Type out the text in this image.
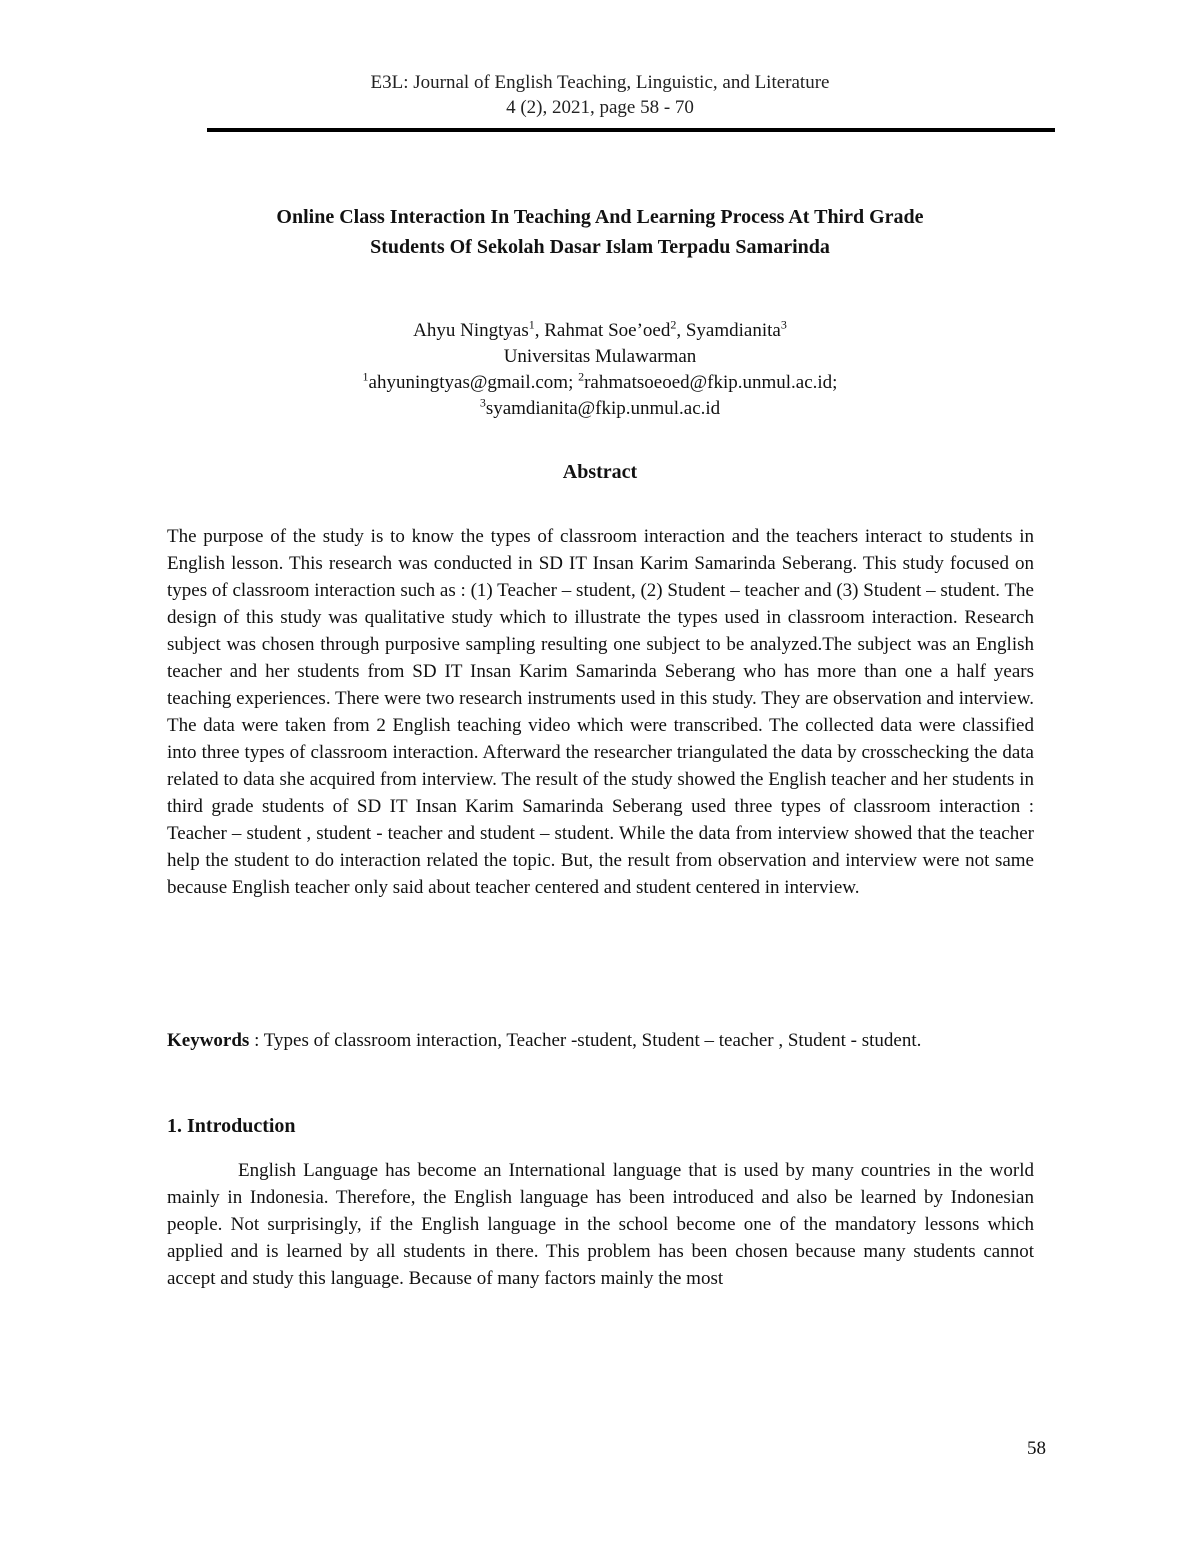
E3L: Journal of English Teaching, Linguistic, and Literature
4 (2), 2021, page 58 - 70
Online Class Interaction In Teaching And Learning Process At Third Grade
Students Of Sekolah Dasar Islam Terpadu Samarinda
Ahyu Ningtyas$^1$, Rahmat Soe’oed$^2$, Syamdianita$^3$
Universitas Mulawarman
$^1$ahyuningtyas@gmail.com; $^2$rahmatsoeoed@fkip.unmul.ac.id;
$^3$syamdianita@fkip.unmul.ac.id
Abstract

The purpose of the study is to know the types of classroom interaction and the teachers interact to students in English lesson. This research was conducted in SD IT Insan Karim Samarinda Seberang. This study focused on types of classroom interaction such as : (1) Teacher – student, (2) Student – teacher and (3) Student – student. The design of this study was qualitative study which to illustrate the types used in classroom interaction. Research subject was chosen through purposive sampling resulting one subject to be analyzed.The subject was an English teacher and her students from SD IT Insan Karim Samarinda Seberang who has more than one a half years teaching experiences. There were two research instruments used in this study. They are observation and interview. The data were taken from 2 English teaching video which were transcribed. The collected data were classified into three types of classroom interaction. Afterward the researcher triangulated the data by crosschecking the data related to data she acquired from interview. The result of the study showed the English teacher and her students in third grade students of SD IT Insan Karim Samarinda Seberang used three types of classroom interaction : Teacher – student , student - teacher and student – student. While the data from interview showed that the teacher help the student to do interaction related the topic. But, the result from observation and interview were not same because English teacher only said about teacher centered and student centered in interview.

Keywords : Types of classroom interaction, Teacher -student, Student – teacher , Student - student.

1. Introduction

English Language has become an International language that is used by many countries in the world mainly in Indonesia. Therefore, the English language has been introduced and also be learned by Indonesian people. Not surprisingly, if the English language in the school become one of the mandatory lessons which applied and is learned by all students in there. This problem has been chosen because many students cannot accept and study this language. Because of many factors mainly the most

58
